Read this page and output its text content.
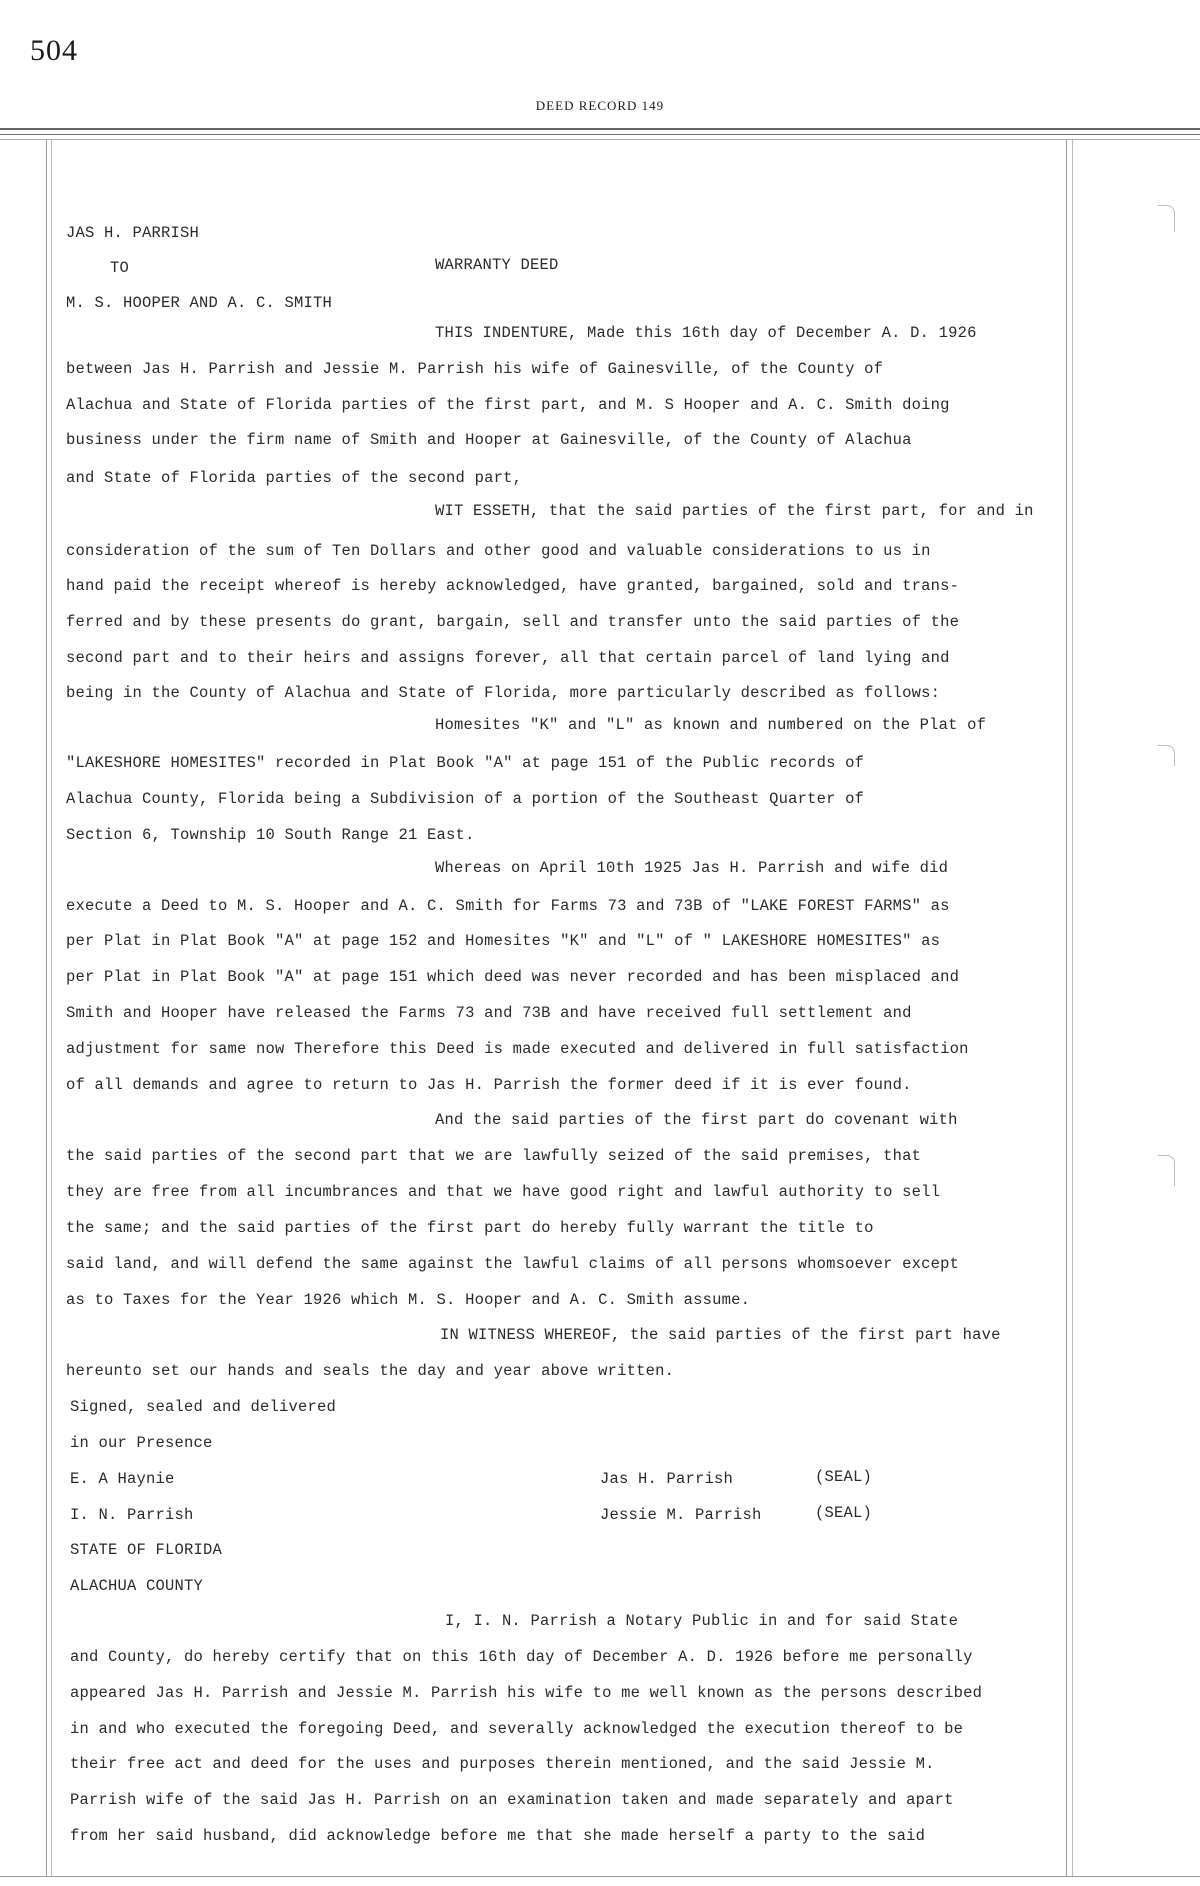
504
DEED RECORD 149

JAS H. PARRISH

TO	WARRANTY DEED

M. S. HOOPER AND A. C. SMITH

THIS INDENTURE, Made this 16th day of December A. D. 1926

between Jas H. Parrish and Jessie M. Parrish his wife of Gainesville, of the County of

Alachua and State of Florida parties of the first part, and M. S Hooper and A. C. Smith doing

business under the firm name of Smith and Hooper at Gainesville, of the County of Alachua

and State of Florida parties of the second part,

WIT ESSETH, that the said parties of the first part, for and in

consideration of the sum of Ten Dollars and other good and valuable considerations to us in

hand paid the receipt whereof is hereby acknowledged, have granted, bargained, sold and trans-

ferred and by these presents do grant, bargain, sell and transfer unto the said parties of the

second part and to their heirs and assigns forever, all that certain parcel of land lying and

being in the County of Alachua and State of Florida, more particularly described as follows:

Homesites "K" and "L" as known and numbered on the Plat of

"LAKESHORE HOMESITES" recorded in Plat Book "A" at page 151 of the Public records of

Alachua County, Florida being a Subdivision of a portion of the Southeast Quarter of

Section 6, Township 10 South Range 21 East.

Whereas on April 10th 1925 Jas H. Parrish and wife did

execute a Deed to M. S. Hooper and A. C. Smith for Farms 73 and 73B of "LAKE FOREST FARMS" as

per Plat in Plat Book "A" at page 152 and Homesites "K" and "L" of " LAKESHORE HOMESITES" as

per Plat in Plat Book "A" at page 151 which deed was never recorded and has been misplaced and

Smith and Hooper have released the Farms 73 and 73B and have received full settlement and

adjustment for same now Therefore this Deed is made executed and delivered in full satisfaction

of all demands and agree to return to Jas H. Parrish the former deed if it is ever found.

And the said parties of the first part do covenant with

the said parties of the second part that we are lawfully seized of the said premises, that

they are free from all incumbrances and that we have good right and lawful authority to sell

the same; and the said parties of the first part do hereby fully warrant the title to

said land, and will defend the same against the lawful claims of all persons whomsoever except

as to Taxes for the Year 1926 which M. S. Hooper and A. C. Smith assume.

IN WITNESS WHEREOF, the said parties of the first part have

hereunto set our hands and seals the day and year above written.

Signed, sealed and delivered

in our Presence

E. A Haynie	Jas H. Parrish	(SEAL)

I. N. Parrish	Jessie M. Parrish	(SEAL)

STATE OF FLORIDA

ALACHUA COUNTY

I, I. N. Parrish a Notary Public in and for said State

and County, do hereby certify that on this 16th day of December A. D. 1926 before me personally

appeared Jas H. Parrish and Jessie M. Parrish his wife to me well known as the persons described

in and who executed the foregoing Deed, and severally acknowledged the execution thereof to be

their free act and deed for the uses and purposes therein mentioned, and the said Jessie M.

Parrish wife of the said Jas H. Parrish on an examination taken and made separately and apart

from her said husband, did acknowledge before me that she made herself a party to the said
